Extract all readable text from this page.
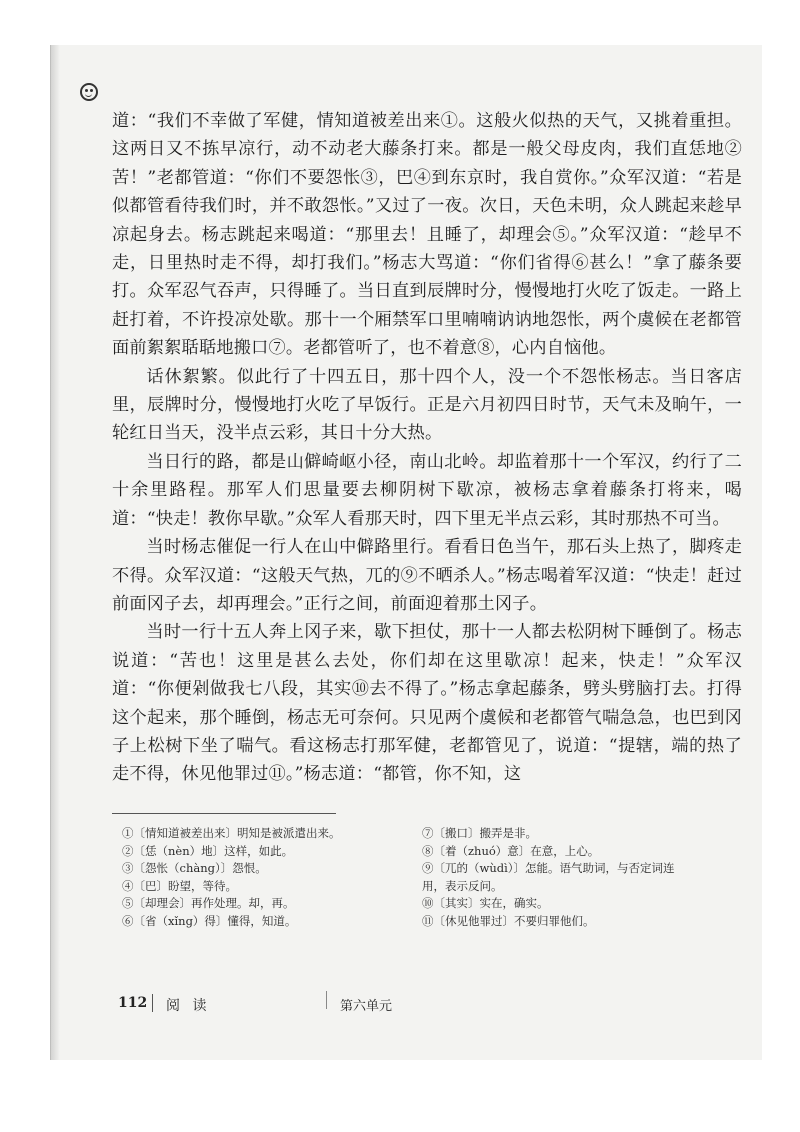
道：“我们不幸做了军健，情知道被差出来①。这般火似热的天气，又挑着重担。这两日又不拣早凉行，动不动老大藤条打来。都是一般父母皮肉，我们直恁地②苦！”老都管道：“你们不要怨怅③，巴④到东京时，我自赏你。”众军汉道：“若是似都管看待我们时，并不敢怨怅。”又过了一夜。次日，天色未明，众人跳起来趁早凉起身去。杨志跳起来喝道：“那里去！且睡了，却理会⑤。”众军汉道：“趁早不走，日里热时走不得，却打我们。”杨志大骂道：“你们省得⑥甚么！”拿了藤条要打。众军忍气吞声，只得睡了。当日直到辰牌时分，慢慢地打火吃了饭走。一路上赶打着，不许投凉处歇。那十一个厢禁军口里喃喃讷讷地怨怅，两个虞候在老都管面前絮絮聒聒地搬口⑦。老都管听了，也不着意⑧，心内自恼他。

话休絮繁。似此行了十四五日，那十四个人，没一个不怨怅杨志。当日客店里，辰牌时分，慢慢地打火吃了早饭行。正是六月初四日时节，天气未及晌午，一轮红日当天，没半点云彩，其日十分大热。

当日行的路，都是山僻崎岖小径，南山北岭。却监着那十一个军汉，约行了二十余里路程。那军人们思量要去柳阴树下歇凉，被杨志拿着藤条打将来，喝道：“快走！教你早歇。”众军人看那天时，四下里无半点云彩，其时那热不可当。

当时杨志催促一行人在山中僻路里行。看看日色当午，那石头上热了，脚疼走不得。众军汉道：“这般天气热，兀的⑨不晒杀人。”杨志喝着军汉道：“快走！赶过前面冈子去，却再理会。”正行之间，前面迎着那土冈子。

当时一行十五人奔上冈子来，歇下担仗，那十一人都去松阴树下睡倒了。杨志说道：“苦也！这里是甚么去处，你们却在这里歇凉！起来，快走！”众军汉道：“你便剁做我七八段，其实⑩去不得了。”杨志拿起藤条，劈头劈脑打去。打得这个起来，那个睡倒，杨志无可奈何。只见两个虞候和老都管气喘急急，也巴到冈子上松树下坐了喘气。看这杨志打那军健，老都管见了，说道：“提辖，端的热了走不得，休见他罪过⑪。”杨志道：“都管，你不知，这

①〔情知道被差出来〕明知是被派遣出来。
②〔恁（nèn）地〕这样，如此。
③〔怨怅（chàng）〕怨恨。
④〔巴〕盼望，等待。
⑤〔却理会〕再作处理。却，再。
⑥〔省（xǐng）得〕懂得，知道。
⑦〔搬口〕搬弄是非。
⑧〔着（zhuó）意〕在意，上心。
⑨〔兀的（wùdì）〕怎能。语气助词，与否定词连用，表示反问。
⑩〔其实〕实在，确实。
⑪〔休见他罪过〕不要归罪他们。
112 阅 读	第六单元
